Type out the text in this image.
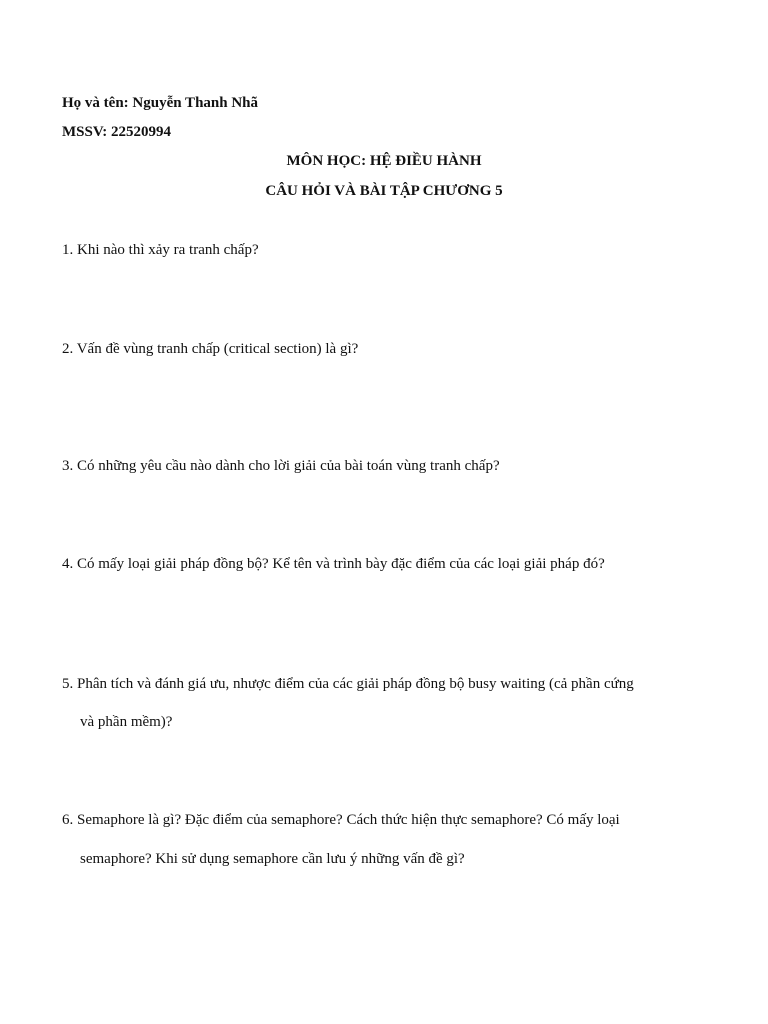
Họ và tên: Nguyễn Thanh Nhã
MSSV: 22520994
MÔN HỌC: HỆ ĐIỀU HÀNH
CÂU HỎI VÀ BÀI TẬP CHƯƠNG 5
1. Khi nào thì xảy ra tranh chấp?
2. Vấn đề vùng tranh chấp (critical section) là gì?
3. Có những yêu cầu nào dành cho lời giải của bài toán vùng tranh chấp?
4. Có mấy loại giải pháp đồng bộ? Kể tên và trình bày đặc điểm của các loại giải pháp đó?
5. Phân tích và đánh giá ưu, nhược điểm của các giải pháp đồng bộ busy waiting (cả phần cứng
và phần mềm)?
6. Semaphore là gì? Đặc điểm của semaphore? Cách thức hiện thực semaphore? Có mấy loại
semaphore? Khi sử dụng semaphore cần lưu ý những vấn đề gì?
